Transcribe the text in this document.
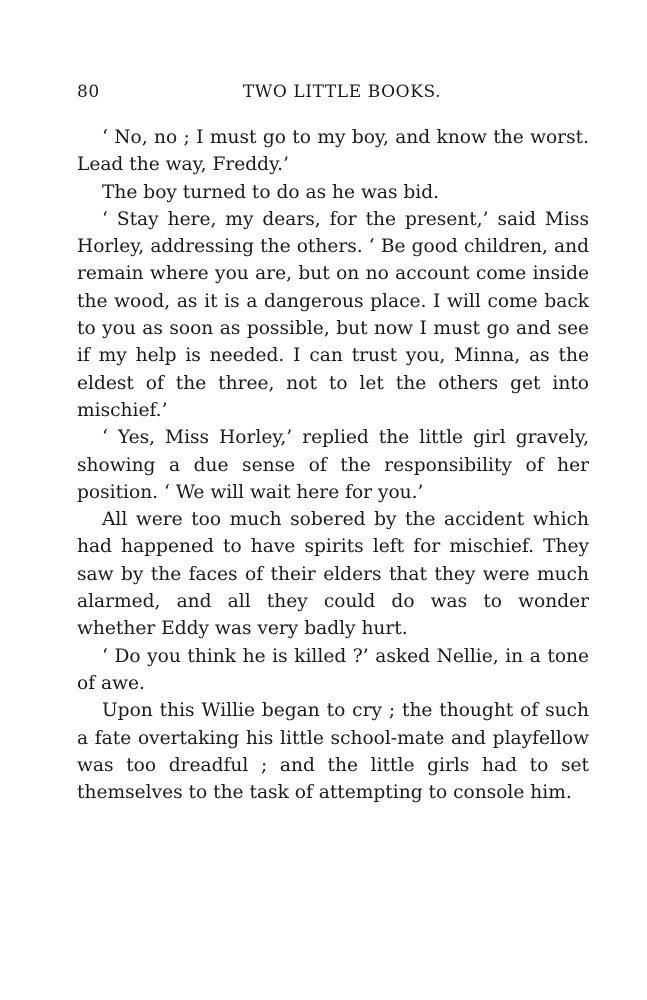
80	TWO LITTLE BOOKS.

‘ No, no ; I must go to my boy, and know the worst. Lead the way, Freddy.’

The boy turned to do as he was bid.

‘ Stay here, my dears, for the present,’ said Miss Horley, addressing the others. ‘ Be good children, and remain where you are, but on no account come inside the wood, as it is a dangerous place. I will come back to you as soon as possible, but now I must go and see if my help is needed. I can trust you, Minna, as the eldest of the three, not to let the others get into mischief.’

‘ Yes, Miss Horley,’ replied the little girl gravely, showing a due sense of the responsibility of her position. ‘ We will wait here for you.’

All were too much sobered by the accident which had happened to have spirits left for mischief. They saw by the faces of their elders that they were much alarmed, and all they could do was to wonder whether Eddy was very badly hurt.

‘ Do you think he is killed ?’ asked Nellie, in a tone of awe.

Upon this Willie began to cry ; the thought of such a fate overtaking his little school-mate and playfellow was too dreadful ; and the little girls had to set themselves to the task of attempting to console him.
